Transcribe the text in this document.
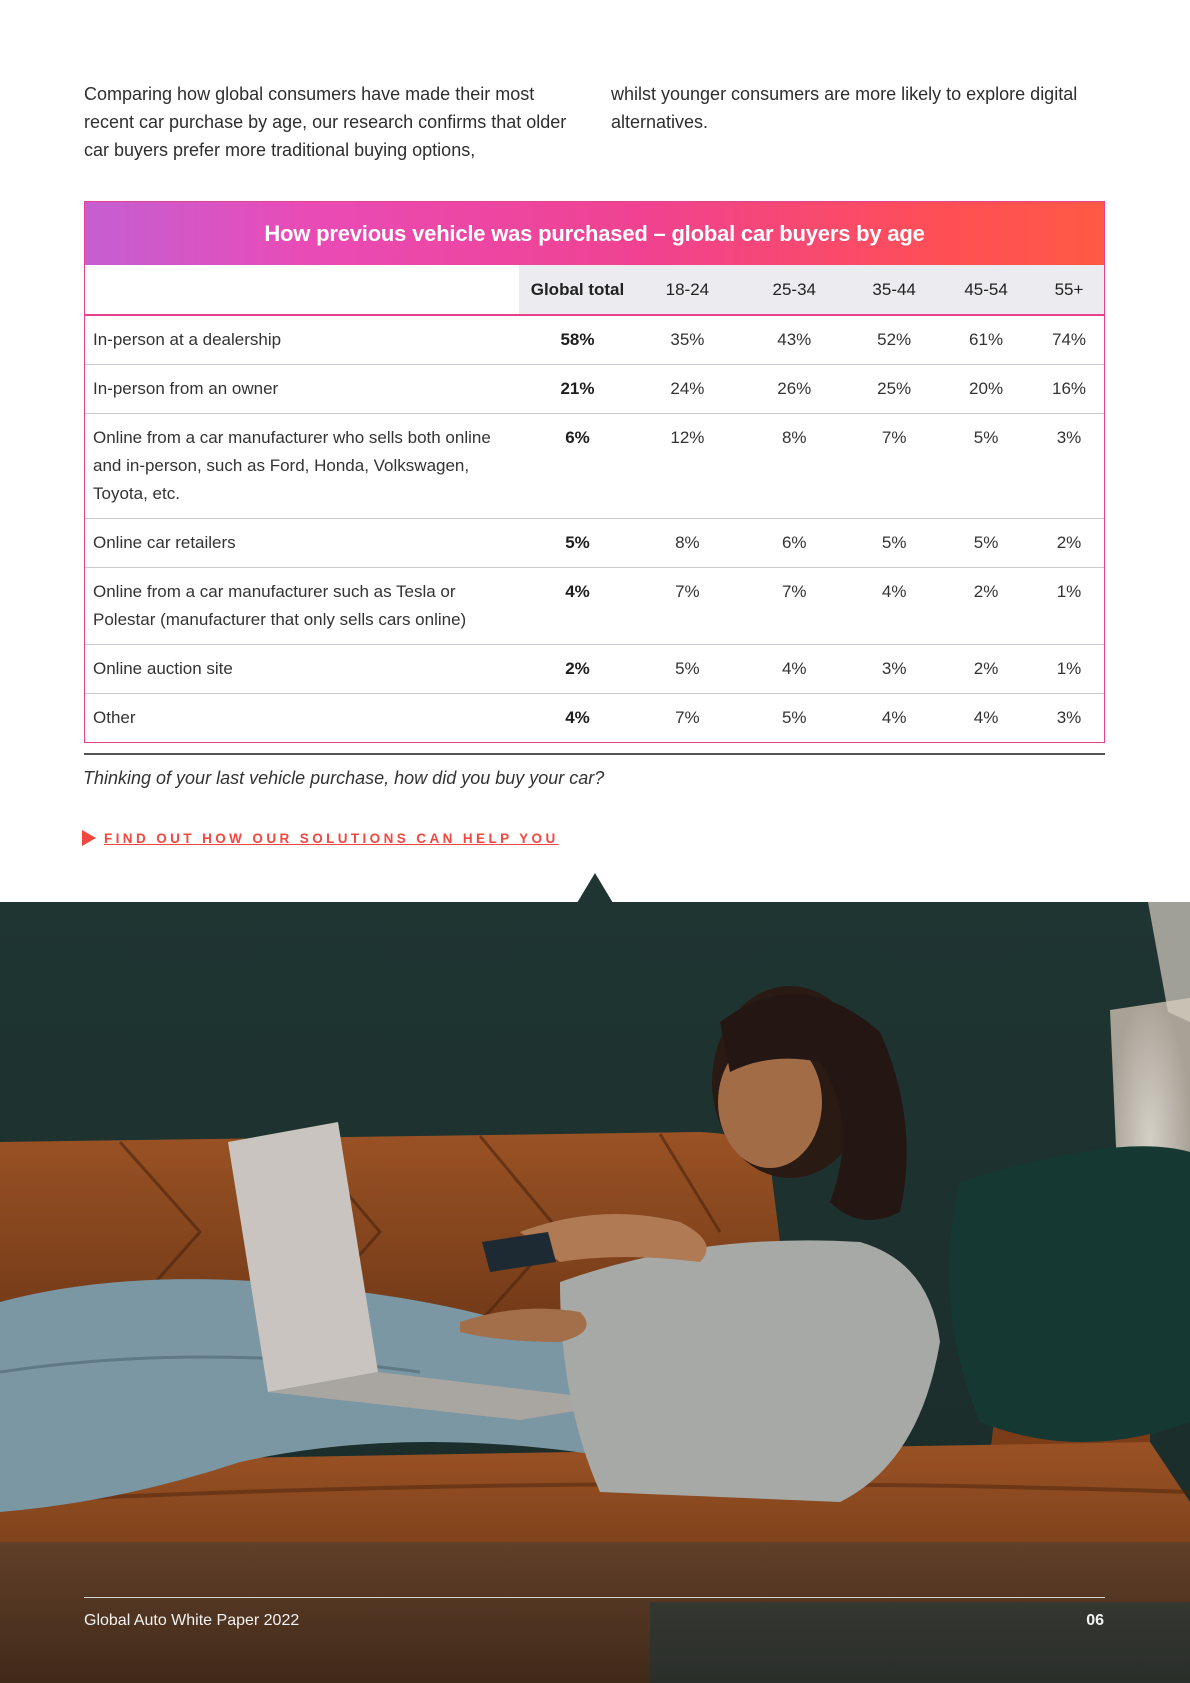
Comparing how global consumers have made their most recent car purchase by age, our research confirms that older car buyers prefer more traditional buying options,

whilst younger consumers are more likely to explore digital alternatives.

How previous vehicle was purchased – global car buyers by age
	Global total	18-24	25-34	35-44	45-54	55+
In-person at a dealership	58%	35%	43%	52%	61%	74%
In-person from an owner	21%	24%	26%	25%	20%	16%
Online from a car manufacturer who sells both online and in-person, such as Ford, Honda, Volkswagen, Toyota, etc.	6%	12%	8%	7%	5%	3%
Online car retailers	5%	8%	6%	5%	5%	2%
Online from a car manufacturer such as Tesla or Polestar (manufacturer that only sells cars online)	4%	7%	7%	4%	2%	1%
Online auction site	2%	5%	4%	3%	2%	1%
Other	4%	7%	5%	4%	4%	3%

Thinking of your last vehicle purchase, how did you buy your car?

FIND OUT HOW OUR SOLUTIONS CAN HELP YOU
Global Auto White Paper 2022	06
